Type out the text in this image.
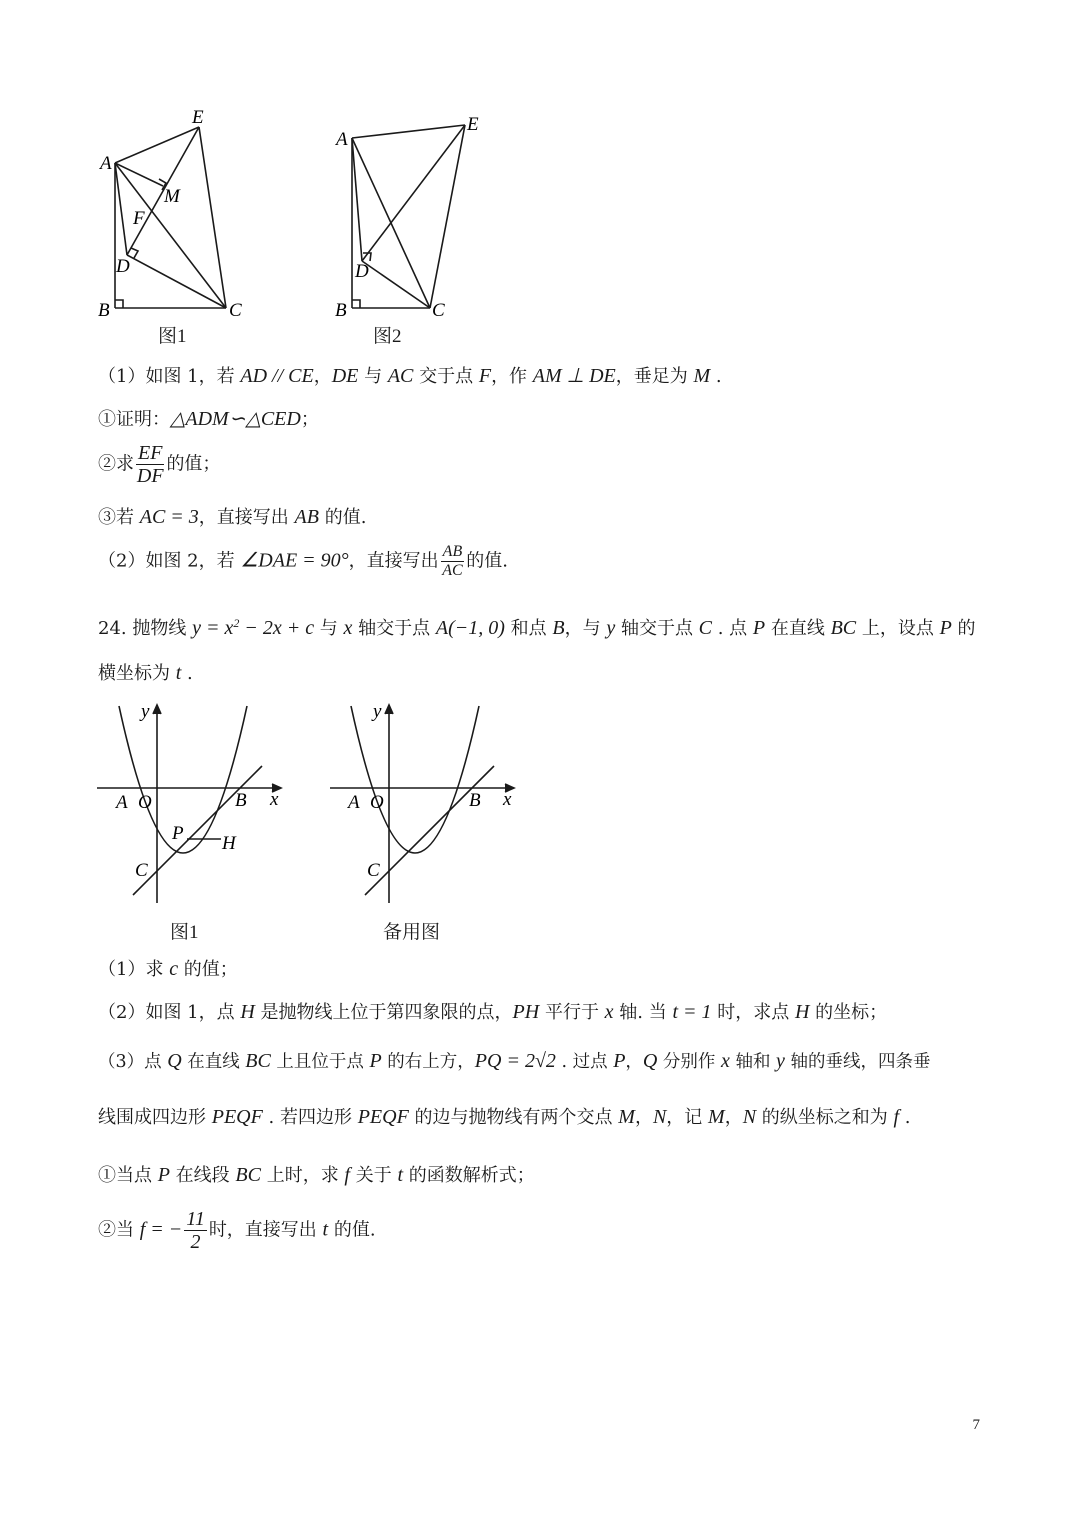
A
E
M
F
D
B	C
图1
A
E
D
B	C
图2
（1）如图 1，若 AD // CE，DE 与 AC 交于点 F，作 AM ⊥ DE，垂足为 M .
①证明：△ADM∽△CED；
②求 $\frac{EF}{DF}$ 的值；
③若 AC = 3，直接写出 AB 的值.
（2）如图 2，若 ∠DAE = 90°，直接写出 $\frac{AB}{AC}$ 的值.
24. 抛物线 $y = x^2 - 2x + c$ 与 x 轴交于点 A(−1, 0) 和点 B，与 y 轴交于点 C . 点 P 在直线 BC 上，设点 P 的
横坐标为 t .
y
x
A O	B
P H
C
图1
y
x
A O	B
C
备用图
（1）求 c 的值；
（2）如图 1，点 H 是抛物线上位于第四象限的点，PH 平行于 x 轴. 当 t = 1 时，求点 H 的坐标；
（3）点 Q 在直线 BC 上且位于点 P 的右上方，PQ = 2√2 . 过点 P，Q 分别作 x 轴和 y 轴的垂线，四条垂
线围成四边形 PEQF . 若四边形 PEQF 的边与抛物线有两个交点 M，N，记 M，N 的纵坐标之和为 f .
①当点 P 在线段 BC 上时，求 f 关于 t 的函数解析式；
②当 f = − $\frac{11}{2}$ 时，直接写出 t 的值.
7
